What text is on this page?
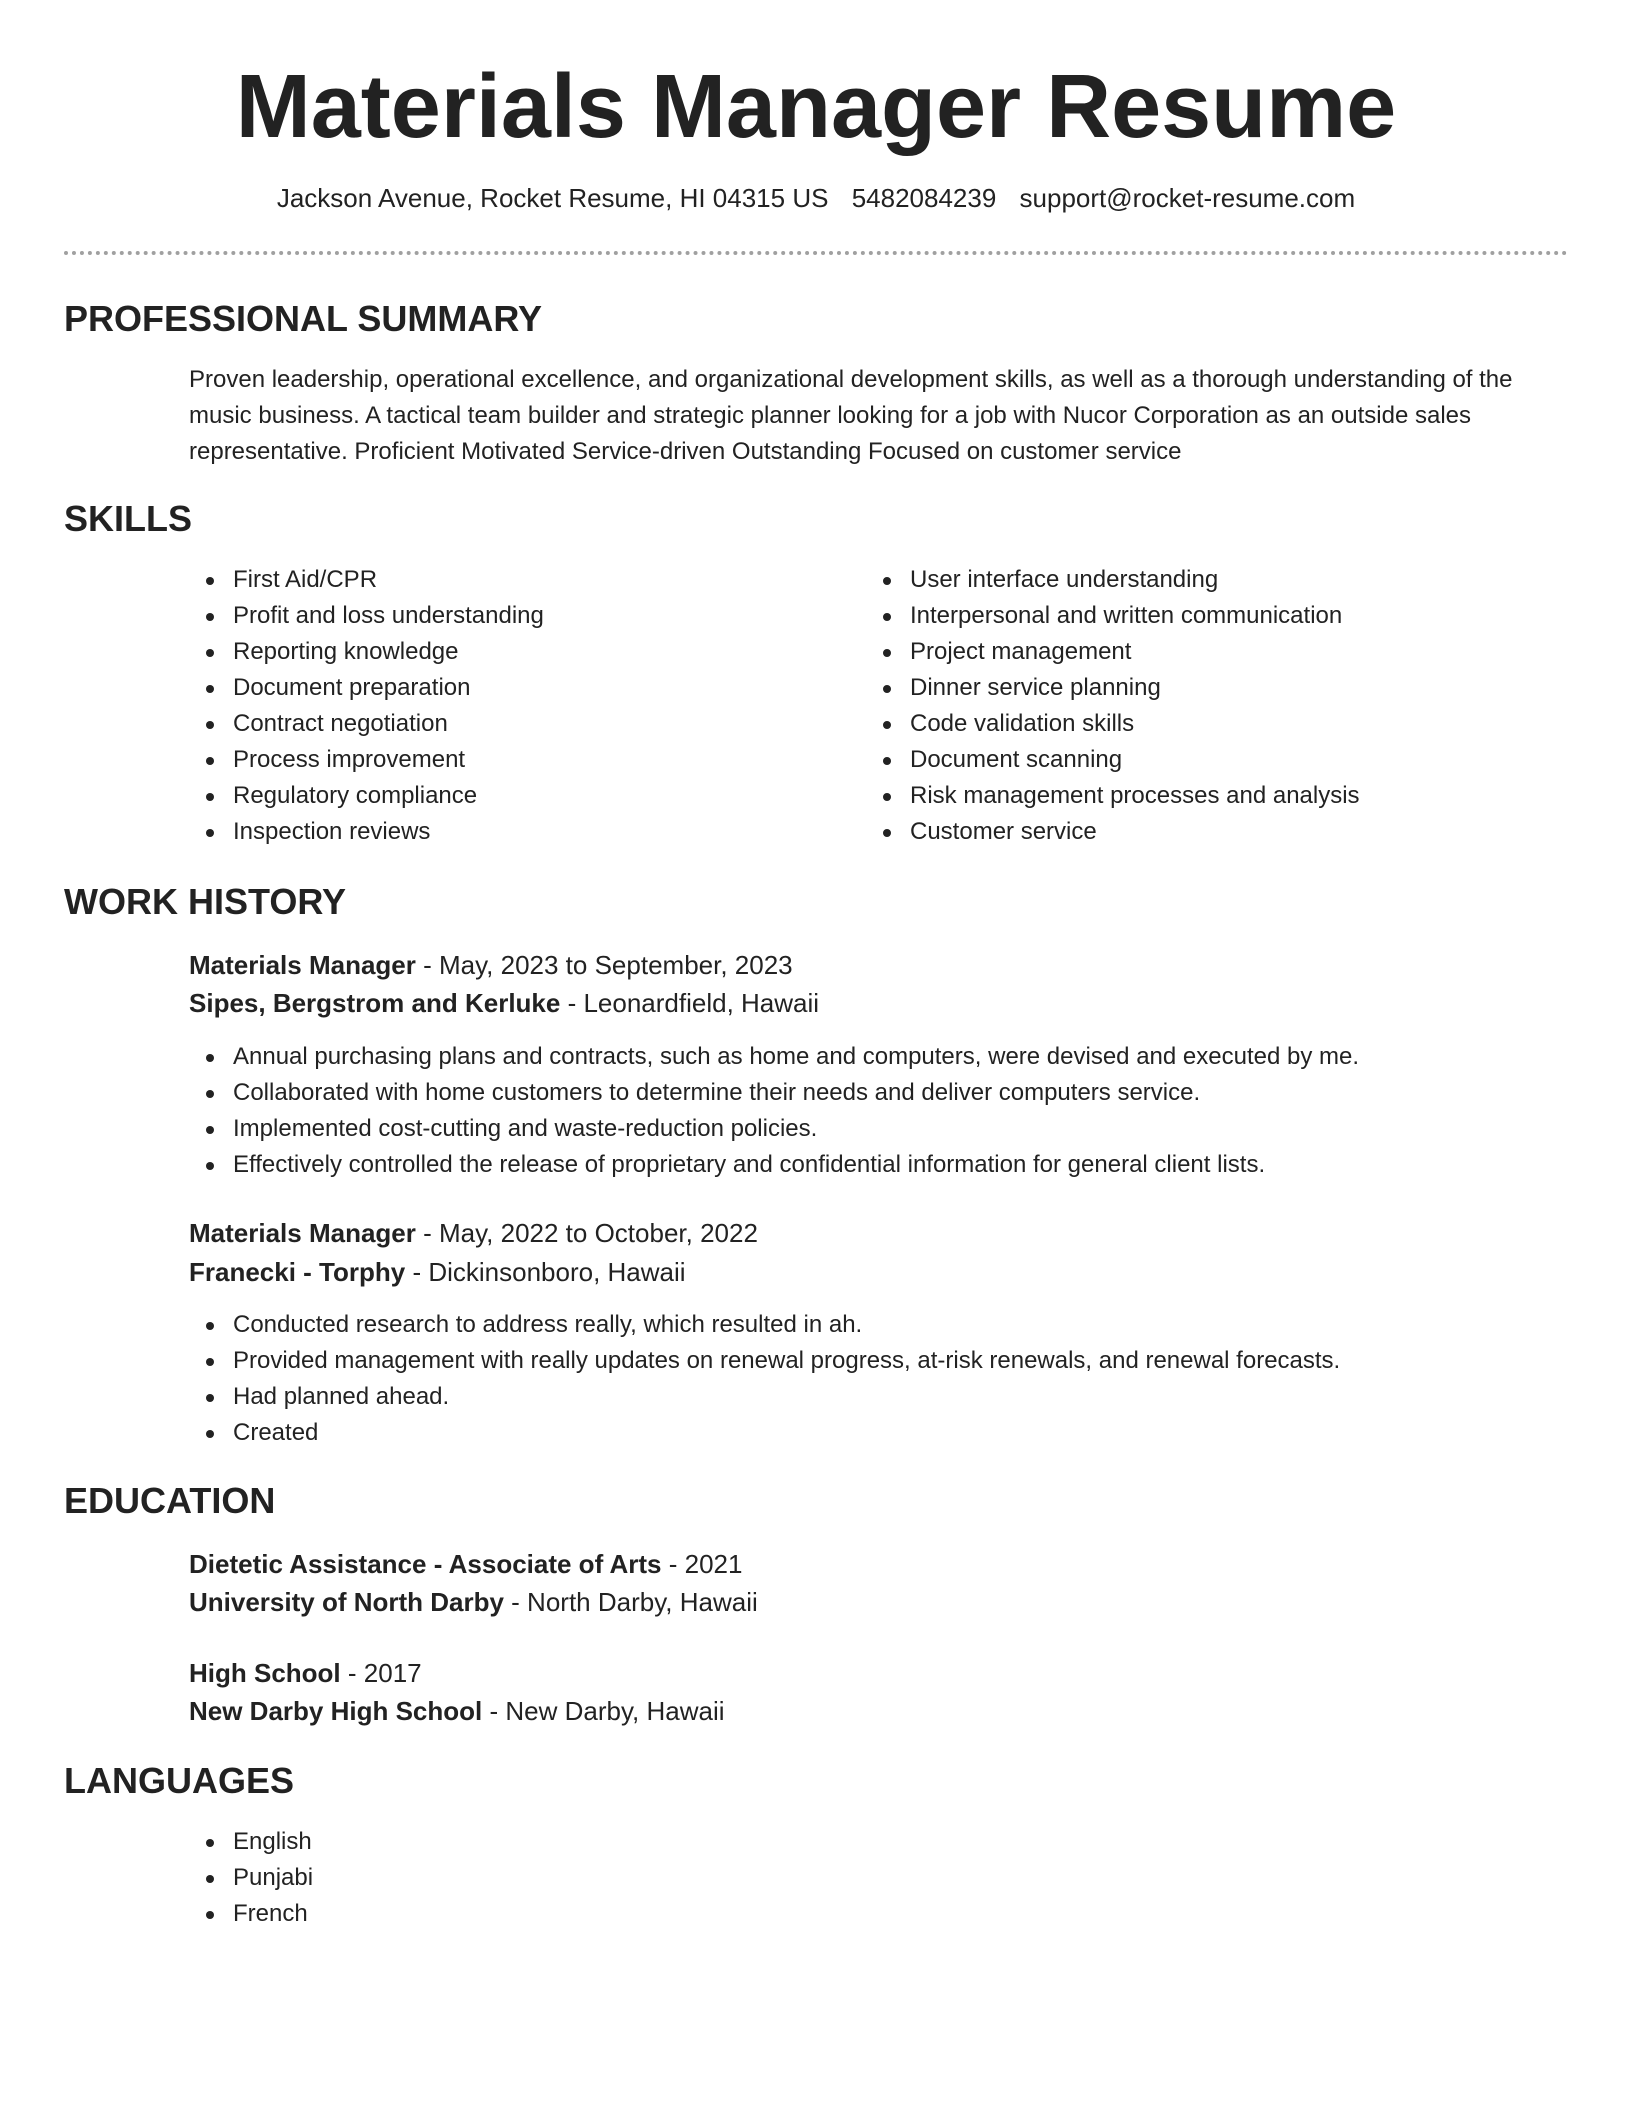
Materials Manager Resume
Jackson Avenue, Rocket Resume, HI 04315 US 5482084239 support@rocket-resume.com
PROFESSIONAL SUMMARY

Proven leadership, operational excellence, and organizational development skills, as well as a thorough understanding of the music business. A tactical team builder and strategic planner looking for a job with Nucor Corporation as an outside sales representative. Proficient Motivated Service-driven Outstanding Focused on customer service

SKILLS
First Aid/CPR
Profit and loss understanding
Reporting knowledge
Document preparation
Contract negotiation
Process improvement
Regulatory compliance
Inspection reviews
User interface understanding
Interpersonal and written communication
Project management
Dinner service planning
Code validation skills
Document scanning
Risk management processes and analysis
Customer service
WORK HISTORY
Materials Manager - May, 2023 to September, 2023
Sipes, Bergstrom and Kerluke - Leonardfield, Hawaii
Annual purchasing plans and contracts, such as home and computers, were devised and executed by me.
Collaborated with home customers to determine their needs and deliver computers service.
Implemented cost-cutting and waste-reduction policies.
Effectively controlled the release of proprietary and confidential information for general client lists.
Materials Manager - May, 2022 to October, 2022
Franecki - Torphy - Dickinsonboro, Hawaii
Conducted research to address really, which resulted in ah.
Provided management with really updates on renewal progress, at-risk renewals, and renewal forecasts.
Had planned ahead.
Created
EDUCATION
Dietetic Assistance - Associate of Arts - 2021
University of North Darby - North Darby, Hawaii
High School - 2017
New Darby High School - New Darby, Hawaii
LANGUAGES
English
Punjabi
French
